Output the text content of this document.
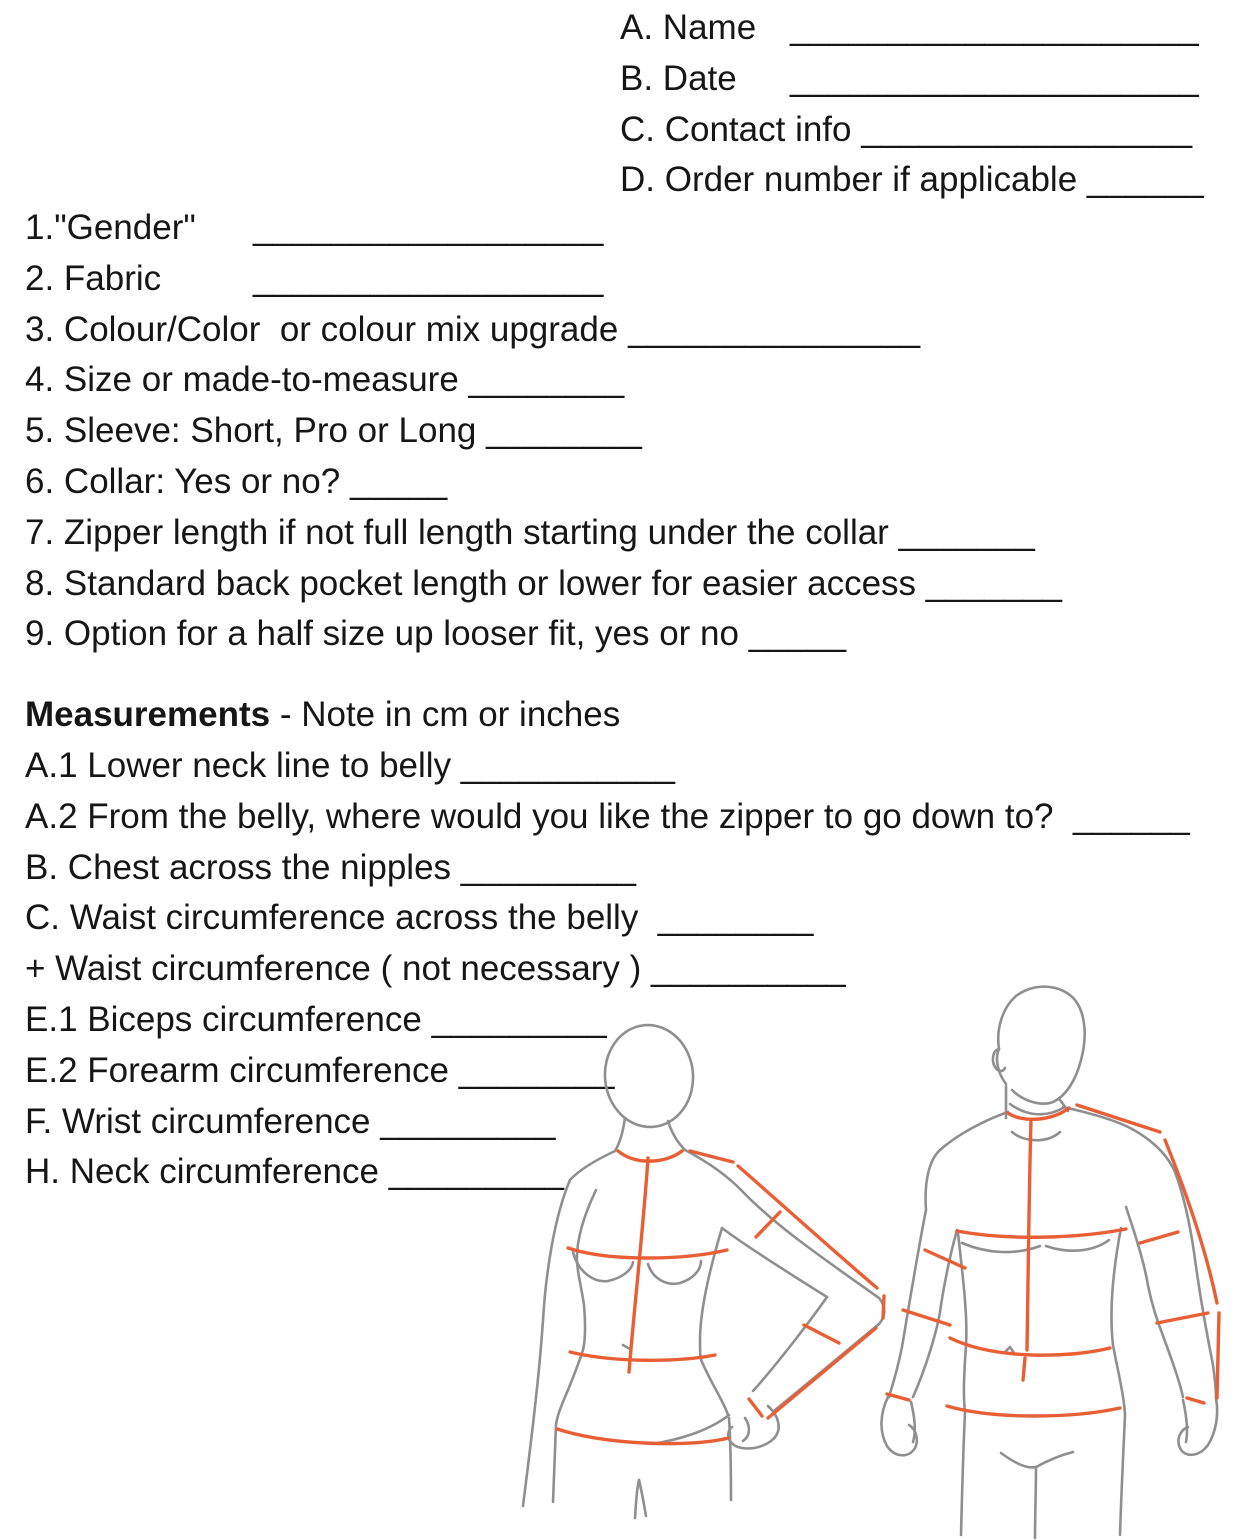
A. Name _____________________
B. Date _____________________
C. Contact info _________________
D. Order number if applicable ______
1."Gender" __________________
2. Fabric __________________
3. Colour/Color  or colour mix upgrade _______________
4. Size or made-to-measure ________
5. Sleeve: Short, Pro or Long ________
6. Collar: Yes or no? _____
7. Zipper length if not full length starting under the collar _______
8. Standard back pocket length or lower for easier access _______
9. Option for a half size up looser fit, yes or no _____
Measurements - Note in cm or inches
A.1 Lower neck line to belly ___________
A.2 From the belly, where would you like the zipper to go down to?  ______
B. Chest across the nipples _________
C. Waist circumference across the belly  ________
+ Waist circumference ( not necessary ) __________
E.1 Biceps circumference _________
E.2 Forearm circumference ________
F. Wrist circumference _________
H. Neck circumference _________
